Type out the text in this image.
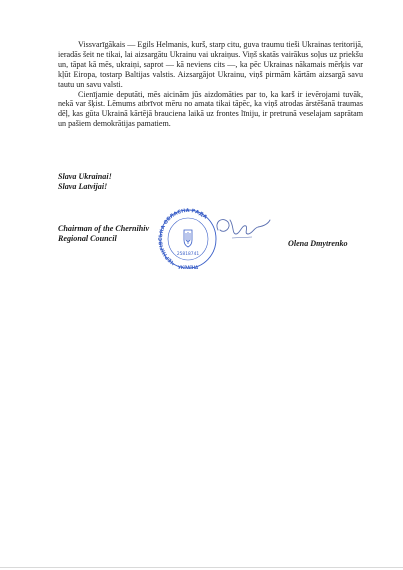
Vissvarīgākais — Egils Helmanis, kurš, starp citu, guva traumu tieši Ukrainas teritorijā, ieradās šeit ne tikai, lai aizsargātu Ukrainu vai ukraiņus. Viņš skatās vairākus soļus uz priekšu un, tāpat kā mēs, ukraiņi, saprot — kā neviens cits —, ka pēc Ukrainas nākamais mērķis var kļūt Eiropa, tostarp Baltijas valstis. Aizsargājot Ukrainu, viņš pirmām kārtām aizsargā savu tautu un savu valsti.

Cienījamie deputāti, mēs aicinām jūs aizdomāties par to, ka karš ir ievērojami tuvāk, nekā var šķist. Lēmums atbrīvot mēru no amata tikai tāpēc, ka viņš atrodas ārstēšanā traumas dēļ, kas gūta Ukrainā kārtējā brauciena laikā uz frontes līniju, ir pretrunā veselajam saprātam un pašiem demokrātijas pamatiem.

Slava Ukrainai!
Slava Latvijai!
Chairman of the Chernihiv
Regional Council
ЧЕРНІГІВСЬКА ОБЛАСНА РАДА
25818741
УКРАЇНА
Olena Dmytrenko
